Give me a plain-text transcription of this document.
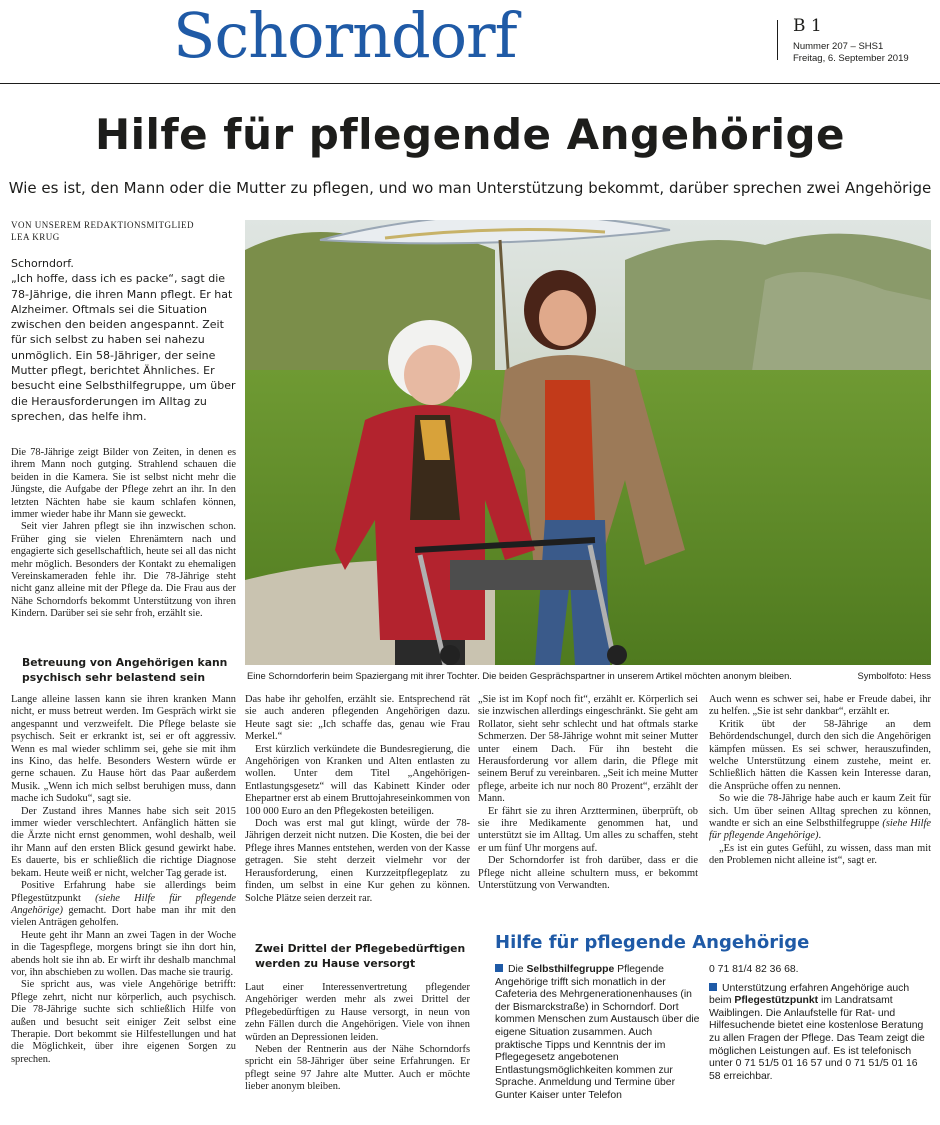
Schorndorf	B 1
Nummer 207 – SHS1
Freitag, 6. September 2019
Hilfe für pflegende Angehörige
Wie es ist, den Mann oder die Mutter zu pflegen, und wo man Unterstützung bekommt, darüber sprechen zwei Angehörige
VON UNSEREM REDAKTIONSMITGLIED
LEA KRUG
Schorndorf.
„Ich hoffe, dass ich es packe“, sagt die 78-Jährige, die ihren Mann pflegt. Er hat Alzheimer. Oftmals sei die Situation zwischen den beiden angespannt. Zeit für sich selbst zu haben sei nahezu unmöglich. Ein 58-Jähriger, der seine Mutter pflegt, berichtet Ähnliches. Er besucht eine Selbsthilfegruppe, um über die Herausforderungen im Alltag zu sprechen, das helfe ihm.

Die 78-Jährige zeigt Bilder von Zeiten, in denen es ihrem Mann noch gutging. Strahlend schauen die beiden in die Kamera. Sie ist selbst nicht mehr die Jüngste, die Aufgabe der Pflege zehrt an ihr. In den letzten Nächten habe sie kaum schlafen können, immer wieder habe ihr Mann sie geweckt.

Seit vier Jahren pflegt sie ihn inzwischen schon. Früher ging sie vielen Ehrenämtern nach und engagierte sich gesellschaftlich, heute sei all das nicht mehr möglich. Besonders der Kontakt zu ehemaligen Vereinskameraden fehle ihr. Die 78-Jährige steht nicht ganz alleine mit der Pflege da. Die Frau aus der Nähe Schorndorfs bekommt Unterstützung von ihren Kindern. Darüber sei sie sehr froh, erzählt sie.

Betreuung von Angehörigen kann psychisch sehr belastend sein

Lange alleine lassen kann sie ihren kranken Mann nicht, er muss betreut werden. Im Gespräch wirkt sie angespannt und verzweifelt. Die Pflege belaste sie psychisch. Seit er erkrankt ist, sei er oft aggressiv. Wenn es mal wieder schlimm sei, gehe sie mit ihm ins Kino, das helfe. Besonders Western würde er gerne schauen. Zu Hause hört das Paar außerdem Musik. „Wenn ich mich selbst beruhigen muss, dann mache ich Sudoku“, sagt sie.

Der Zustand ihres Mannes habe sich seit 2015 immer wieder verschlechtert. Anfänglich hätten sie die Ärzte nicht ernst genommen, wohl deshalb, weil ihr Mann auf den ersten Blick gesund gewirkt habe. Es dauerte, bis er schließlich die richtige Diagnose bekam. Heute weiß er nicht, welcher Tag gerade ist.

Positive Erfahrung habe sie allerdings beim Pflegestützpunkt (siehe Hilfe für pflegende Angehörige) gemacht. Dort habe man ihr mit den vielen Anträgen geholfen.

Heute geht ihr Mann an zwei Tagen in der Woche in die Tagespflege, morgens bringt sie ihn dort hin, abends holt sie ihn ab. Er wirft ihr deshalb manchmal vor, ihn abschieben zu wollen. Das mache sie traurig.

Sie spricht aus, was viele Angehörige betrifft: Pflege zehrt, nicht nur körperlich, auch psychisch. Die 78-Jährige suchte sich schließlich Hilfe von außen und besucht seit einiger Zeit selbst eine Therapie. Dort bekommt sie Hilfestellungen und hat die Möglichkeit, über ihre eigenen Sorgen zu sprechen.

Eine Schorndorferin beim Spaziergang mit ihrer Tochter. Die beiden Gesprächspartner in unserem Artikel möchten anonym bleiben.	Symbolfoto: Hess

Das habe ihr geholfen, erzählt sie. Entsprechend rät sie auch anderen pflegenden Angehörigen dazu. Heute sagt sie: „Ich schaffe das, genau wie Frau Merkel.“

Erst kürzlich verkündete die Bundesregierung, die Angehörigen von Kranken und Alten entlasten zu wollen. Unter dem Titel „Angehörigen-Entlastungsgesetz“ will das Kabinett Kinder oder Ehepartner erst ab einem Bruttojahreseinkommen von 100 000 Euro an den Pflegekosten beteiligen.

Doch was erst mal gut klingt, würde der 78-Jährigen derzeit nicht nutzen. Die Kosten, die bei der Pflege ihres Mannes entstehen, werden von der Kasse getragen. Sie steht derzeit vielmehr vor der Herausforderung, einen Kurzzeitpflegeplatz zu finden, um selbst in eine Kur gehen zu können. Solche Plätze seien derzeit rar.

Zwei Drittel der Pflegebedürftigen werden zu Hause versorgt

Laut einer Interessenvertretung pflegender Angehöriger werden mehr als zwei Drittel der Pflegebedürftigen zu Hause versorgt, in neun von zehn Fällen durch die Angehörigen. Viele von ihnen würden an Depressionen leiden.

Neben der Rentnerin aus der Nähe Schorndorfs spricht ein 58-Jähriger über seine Erfahrungen. Er pflegt seine 97 Jahre alte Mutter. Auch er möchte lieber anonym bleiben.

„Sie ist im Kopf noch fit“, erzählt er. Körperlich sei sie inzwischen allerdings eingeschränkt. Sie geht am Rollator, sieht sehr schlecht und hat oftmals starke Schmerzen. Der 58-Jährige wohnt mit seiner Mutter unter einem Dach. Für ihn besteht die Herausforderung vor allem darin, die Pflege mit seinem Beruf zu vereinbaren. „Seit ich meine Mutter pflege, arbeite ich nur noch 80 Prozent“, erzählt der Mann.

Er fährt sie zu ihren Arztterminen, überprüft, ob sie ihre Medikamente genommen hat, und unterstützt sie im Alltag. Um alles zu schaffen, steht er um fünf Uhr morgens auf.

Der Schorndorfer ist froh darüber, dass er die Pflege nicht alleine schultern muss, er bekommt Unterstützung von Verwandten.

Auch wenn es schwer sei, habe er Freude dabei, ihr zu helfen. „Sie ist sehr dankbar“, erzählt er.

Kritik übt der 58-Jährige an dem Behördendschungel, durch den sich die Angehörigen kämpfen müssen. Es sei schwer, herauszufinden, welche Unterstützung einem zustehe, meint er. Schließlich hätten die Kassen kein Interesse daran, die Ansprüche offen zu nennen.

So wie die 78-Jährige habe auch er kaum Zeit für sich. Um über seinen Alltag sprechen zu können, wandte er sich an eine Selbsthilfegruppe (siehe Hilfe für pflegende Angehörige).

„Es ist ein gutes Gefühl, zu wissen, dass man mit den Problemen nicht alleine ist“, sagt er.

Hilfe für pflegende Angehörige
Die Selbsthilfegruppe Pflegende Angehörige trifft sich monatlich in der Cafeteria des Mehrgenerationenhauses (in der Bismarckstraße) in Schorndorf. Dort kommen Menschen zum Austausch über die eigene Situation zusammen. Auch praktische Tipps und Kenntnis der im Pflegegesetz angebotenen Entlastungsmöglichkeiten kommen zur Sprache. Anmeldung und Termine über Gunter Kaiser unter Telefon
0 71 81/4 82 36 68.
Unterstützung erfahren Angehörige auch beim Pflegestützpunkt im Landratsamt Waiblingen. Die Anlaufstelle für Rat- und Hilfesuchende bietet eine kostenlose Beratung zu allen Fragen der Pflege. Das Team zeigt die möglichen Leistungen auf. Es ist telefonisch unter 0 71 51/5 01 16 57 und 0 71 51/5 01 16 58 erreichbar.
